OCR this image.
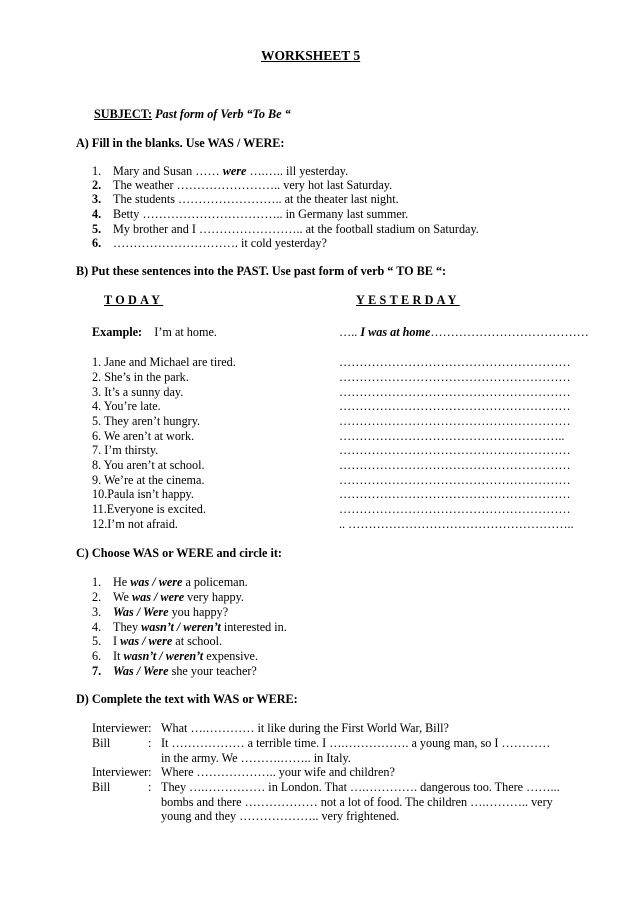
WORKSHEET 5
SUBJECT: Past form of Verb “To Be “
A) Fill in the blanks. Use WAS / WERE:
1. Mary and Susan …… were ….….. ill yesterday.
2. The weather …………………….. very hot last Saturday.
3. The students …………………….. at the theater last night.
4. Betty …………………………….. in Germany last summer.
5. My brother and I …………………….. at the football stadium on Saturday.
6. …………………………. it cold yesterday?
B) Put these sentences into the PAST. Use past form of verb “ TO BE “:
TODAY	YESTERDAY
Example: I’m at home.	….. I was at home…………………………………
1. Jane and Michael are tired.	…………………………………………………
2. She’s in the park.	…………………………………………………
3. It’s a sunny day.	…………………………………………………
4. You’re late.	…………………………………………………
5. They aren’t hungry.	…………………………………………………
6. We aren’t at work.	………………………………………………..
7. I’m thirsty.	…………………………………………………
8. You aren’t at school.	…………………………………………………
9. We’re at the cinema.	…………………………………………………
10.Paula isn’t happy.	…………………………………………………
11.Everyone is excited.	…………………………………………………
12.I’m not afraid.	.. ………………………………………………..
C) Choose WAS or WERE and circle it:
1. He was / were a policeman.
2. We was / were very happy.
3. Was / Were you happy?
4. They wasn’t / weren’t interested in.
5. I was / were at school.
6. It wasn’t / weren’t expensive.
7. Was / Were she your teacher?
D) Complete the text with WAS or WERE:
Interviewer: What ….………… it like during the First World War, Bill?
Bill	: It ……………… a terrible time. I ….……………. a young man, so I …………
in the army. We ……….…….. in Italy.
Interviewer: Where ……………….. your wife and children?
Bill	: They ….…………… in London. That ….…………. dangerous too. There ……...
bombs and there ……………… not a lot of food. The children ….……….. very
young and they ……………….. very frightened.
